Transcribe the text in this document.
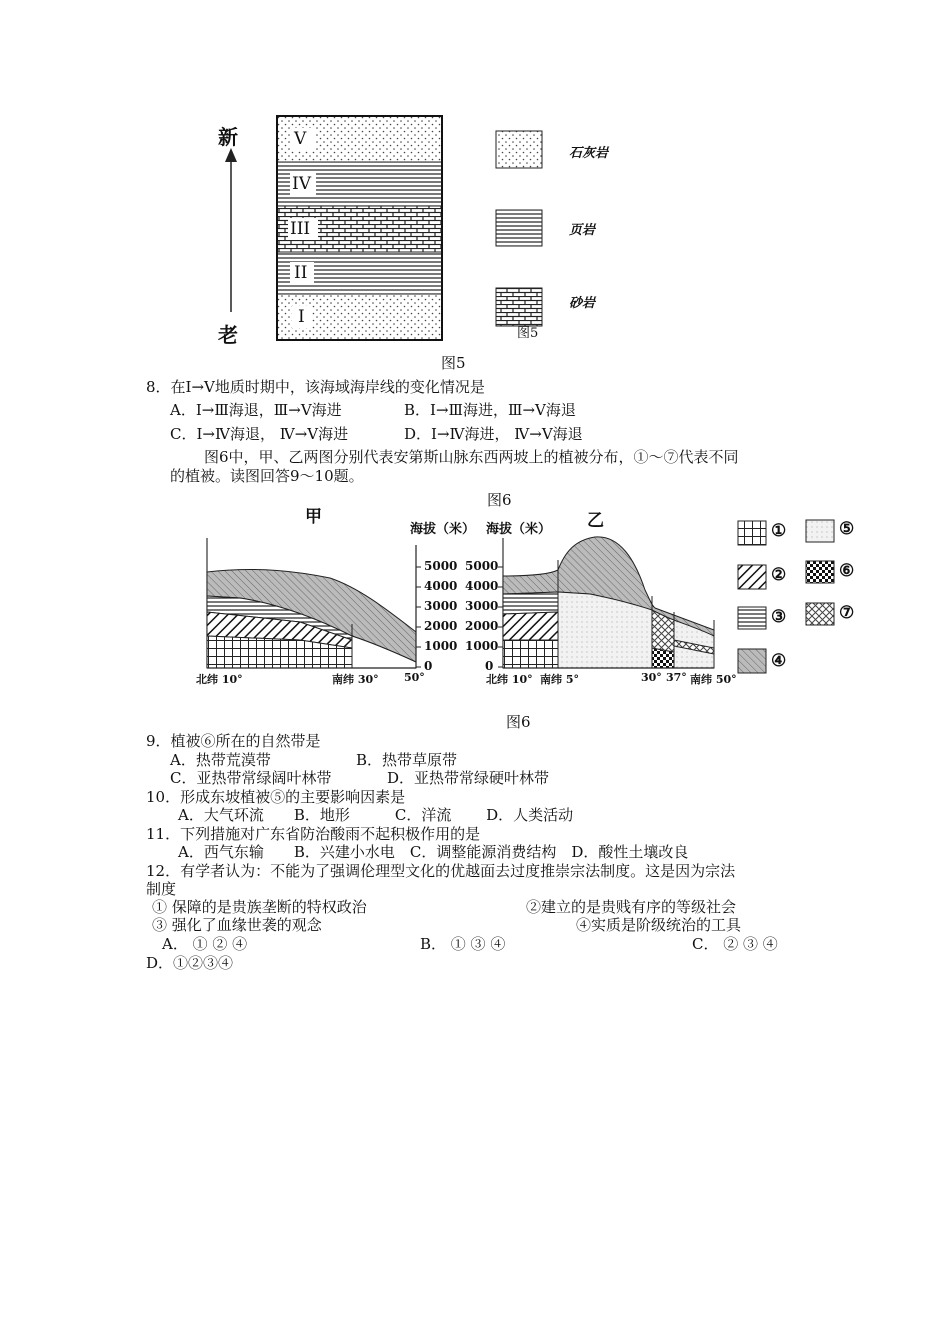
新
老
V
IV
III
II
I
石灰岩
页岩
砂岩
图5
图5
8．在Ⅰ→Ⅴ地质时期中，该海域海岸线的变化情况是
A．Ⅰ→Ⅲ海退，Ⅲ→Ⅴ海进	B．Ⅰ→Ⅲ海进，Ⅲ→Ⅴ海退
C．Ⅰ→Ⅳ海退， Ⅳ→Ⅴ海进	D．Ⅰ→Ⅳ海进， Ⅳ→Ⅴ海退
图6中，甲、乙两图分别代表安第斯山脉东西两坡上的植被分布，①～⑦代表不同
的植被。读图回答9～10题。
图6
甲	乙
海拔（米） 海拔（米）
5000
4000
3000
2000
1000
0
5000
4000
3000
2000
1000
0
北纬 10°	南纬 30° 50°	北纬 10° 南纬 5°	30° 37° 南纬 50°
①
②
③
④
⑤
⑥
⑦
图6
9．植被⑥所在的自然带是
A．热带荒漠带	B．热带草原带
C．亚热带常绿阔叶林带	D．亚热带常绿硬叶林带
10．形成东坡植被⑤的主要影响因素是
A．大气环流　　B．地形　　　C．洋流　　 D．人类活动
11．下列措施对广东省防治酸雨不起积极作用的是
A．西气东输　　B．兴建小水电　C．调整能源消费结构　D．酸性土壤改良
12．有学者认为：不能为了强调伦理型文化的优越面去过度推崇宗法制度。这是因为宗法
制度
① 保障的是贵族垄断的特权政治	②建立的是贵贱有序的等级社会
③ 强化了血缘世袭的观念	④实质是阶级统治的工具
A． ① ② ④	B． ① ③ ④	C． ② ③ ④
D．①②③④
